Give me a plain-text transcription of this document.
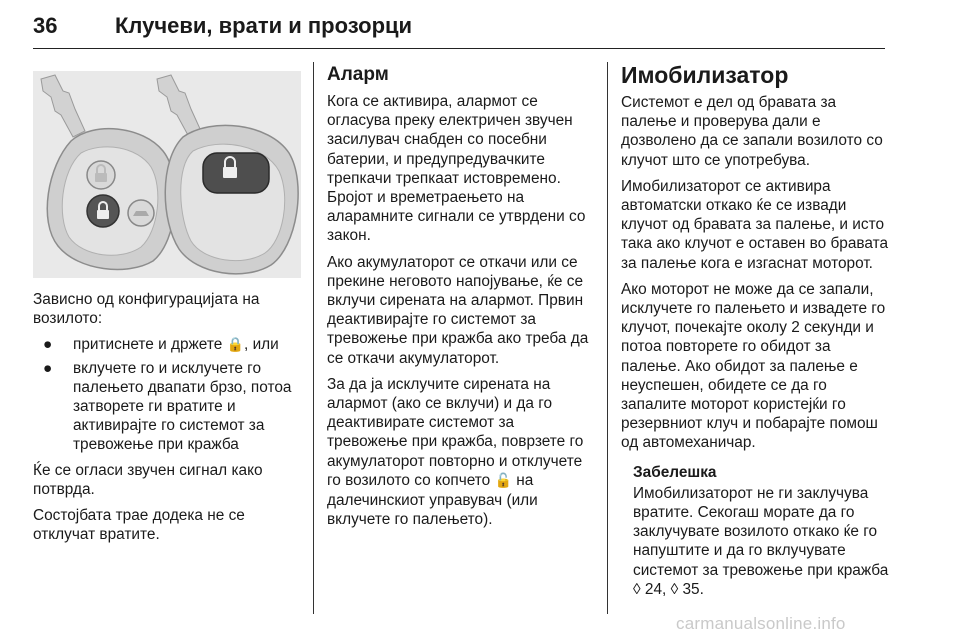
36	Клучеви, врати и прозорци

Зависно од конфигурацијата на возилото:

● притиснете и држете 🔒, или
● вклучете го и исклучете го палењето двапати брзо, потоа затворете ги вратите и активирајте го системот за тревожење при кражба

Ќе се огласи звучен сигнал како потврда.

Состојбата трае додека не се отклучат вратите.

Аларм

Кога се активира, алармот се огласува преку електричен звучен засилувач снабден со посебни батерии, и предупредувачките трепкачи трепкаат истовремено. Бројот и времетраењето на аларамните сигнали се утврдени со закон.

Ако акумулаторот се откачи или се прекине неговото напојување, ќе се вклучи сирената на алармот. Првин деактивирајте го системот за тревожење при кражба ако треба да се откачи акумулаторот.

За да ја исклучите сирената на алармот (ако се вклучи) и да го деактивирате системот за тревожење при кражба, поврзете го акумулаторот повторно и отклучете го возилото со копчето 🔓 на далечинскиот управувач (или вклучете го палењето).

Имобилизатор

Системот е дел од бравата за палење и проверува дали е дозволено да се запали возилото со клучот што се употребува.

Имобилизаторот се активира автоматски откако ќе се извади клучот од бравата за палење, и исто така ако клучот е оставен во бравата за палење кога е изгаснат моторот.

Ако моторот не може да се запали, исклучете го палењето и извадете го клучот, почекајте околу 2 секунди и потоа повторете го обидот за палење. Ако обидот за палење е неуспешен, обидете се да го запалите моторот користејќи го резервниот клуч и побарајте помош од автомеханичар.

Забелешка

Имобилизаторот не ги заклучува вратите. Секогаш морате да го заклучувате возилото откако ќе го напуштите и да го вклучувате системот за тревожење при кражба ◊ 24, ◊ 35.

carmanualsonline.info
